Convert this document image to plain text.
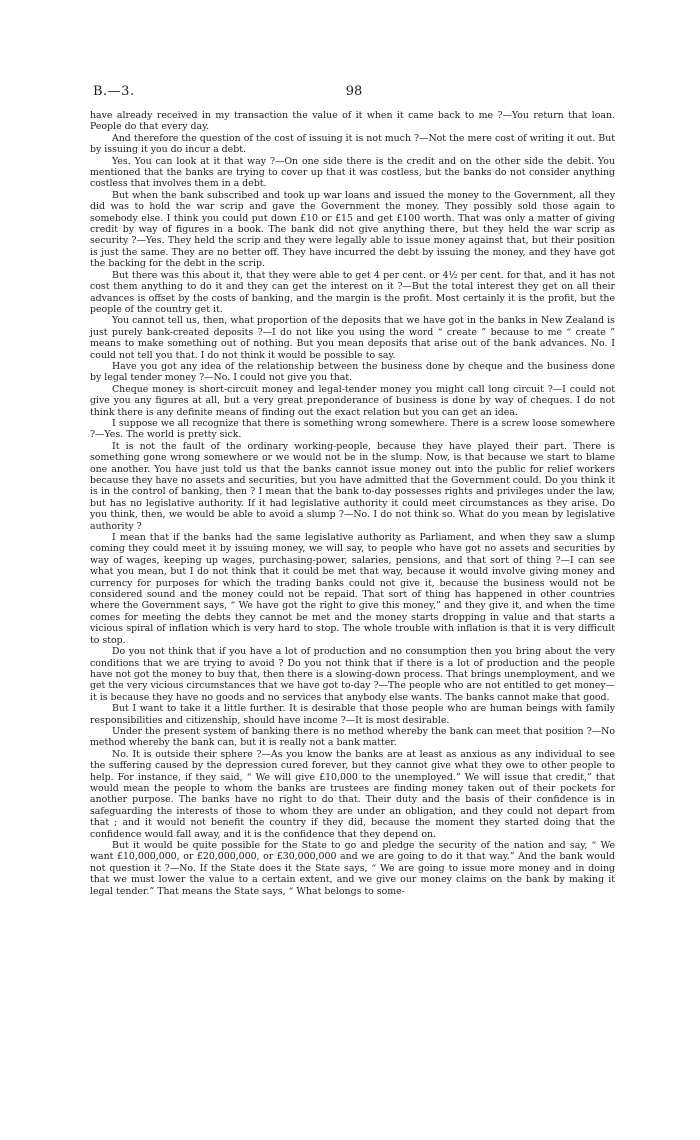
B.—3.	98

have already received in my transaction the value of it when it came back to me ?—You return that loan. People do that every day.

And therefore the question of the cost of issuing it is not much ?—Not the mere cost of writing it out. But by issuing it you do incur a debt.

Yes. You can look at it that way ?—On one side there is the credit and on the other side the debit. You mentioned that the banks are trying to cover up that it was costless, but the banks do not consider anything costless that involves them in a debt.

But when the bank subscribed and took up war loans and issued the money to the Government, all they did was to hold the war scrip and gave the Government the money. They possibly sold those again to somebody else. I think you could put down £10 or £15 and get £100 worth. That was only a matter of giving credit by way of figures in a book. The bank did not give anything there, but they held the war scrip as security ?—Yes. They held the scrip and they were legally able to issue money against that, but their position is just the same. They are no better off. They have incurred the debt by issuing the money, and they have got the backing for the debt in the scrip.

But there was this about it, that they were able to get 4 per cent. or 4½ per cent. for that, and it has not cost them anything to do it and they can get the interest on it ?—But the total interest they get on all their advances is offset by the costs of banking, and the margin is the profit. Most certainly it is the profit, but the people of the country get it.

You cannot tell us, then, what proportion of the deposits that we have got in the banks in New Zealand is just purely bank-created deposits ?—I do not like you using the word “ create ” because to me “ create ” means to make something out of nothing. But you mean deposits that arise out of the bank advances. No. I could not tell you that. I do not think it would be possible to say.

Have you got any idea of the relationship between the business done by cheque and the business done by legal tender money ?—No. I could not give you that.

Cheque money is short-circuit money and legal-tender money you might call long circuit ?—I could not give you any figures at all, but a very great preponderance of business is done by way of cheques. I do not think there is any definite means of finding out the exact relation but you can get an idea.

I suppose we all recognize that there is something wrong somewhere. There is a screw loose somewhere ?—Yes. The world is pretty sick.

It is not the fault of the ordinary working-people, because they have played their part. There is something gone wrong somewhere or we would not be in the slump. Now, is that because we start to blame one another. You have just told us that the banks cannot issue money out into the public for relief workers because they have no assets and securities, but you have admitted that the Government could. Do you think it is in the control of banking, then ? I mean that the bank to-day possesses rights and privileges under the law, but has no legislative authority. If it had legislative authority it could meet circumstances as they arise. Do you think, then, we would be able to avoid a slump ?—No. I do not think so. What do you mean by legislative authority ?

I mean that if the banks had the same legislative authority as Parliament, and when they saw a slump coming they could meet it by issuing money, we will say, to people who have got no assets and securities by way of wages, keeping up wages, purchasing-power, salaries, pensions, and that sort of thing ?—I can see what you mean, but I do not think that it could be met that way, because it would involve giving money and currency for purposes for which the trading banks could not give it, because the business would not be considered sound and the money could not be repaid. That sort of thing has happened in other countries where the Government says, “ We have got the right to give this money,” and they give it, and when the time comes for meeting the debts they cannot be met and the money starts dropping in value and that starts a vicious spiral of inflation which is very hard to stop. The whole trouble with inflation is that it is very difficult to stop.

Do you not think that if you have a lot of production and no consumption then you bring about the very conditions that we are trying to avoid ? Do you not think that if there is a lot of production and the people have not got the money to buy that, then there is a slowing-down process. That brings unemployment, and we get the very vicious circumstances that we have got to-day ?—The people who are not entitled to get money—it is because they have no goods and no services that anybody else wants. The banks cannot make that good.

But I want to take it a little further. It is desirable that those people who are human beings with family responsibilities and citizenship, should have income ?—It is most desirable.

Under the present system of banking there is no method whereby the bank can meet that position ?—No method whereby the bank can, but it is really not a bank matter.

No. It is outside their sphere ?—As you know the banks are at least as anxious as any individual to see the suffering caused by the depression cured forever, but they cannot give what they owe to other people to help. For instance, if they said, “ We will give £10,000 to the unemployed.” We will issue that credit,” that would mean the people to whom the banks are trustees are finding money taken out of their pockets for another purpose. The banks have no right to do that. Their duty and the basis of their confidence is in safeguarding the interests of those to whom they are under an obligation, and they could not depart from that ; and it would not benefit the country if they did, because the moment they started doing that the confidence would fall away, and it is the confidence that they depend on.

But it would be quite possible for the State to go and pledge the security of the nation and say, “ We want £10,000,000, or £20,000,000, or £30,000,000 and we are going to do it that way.” And the bank would not question it ?—No. If the State does it the State says, “ We are going to issue more money and in doing that we must lower the value to a certain extent, and we give our money claims on the bank by making it legal tender.” That means the State says, “ What belongs to some-
